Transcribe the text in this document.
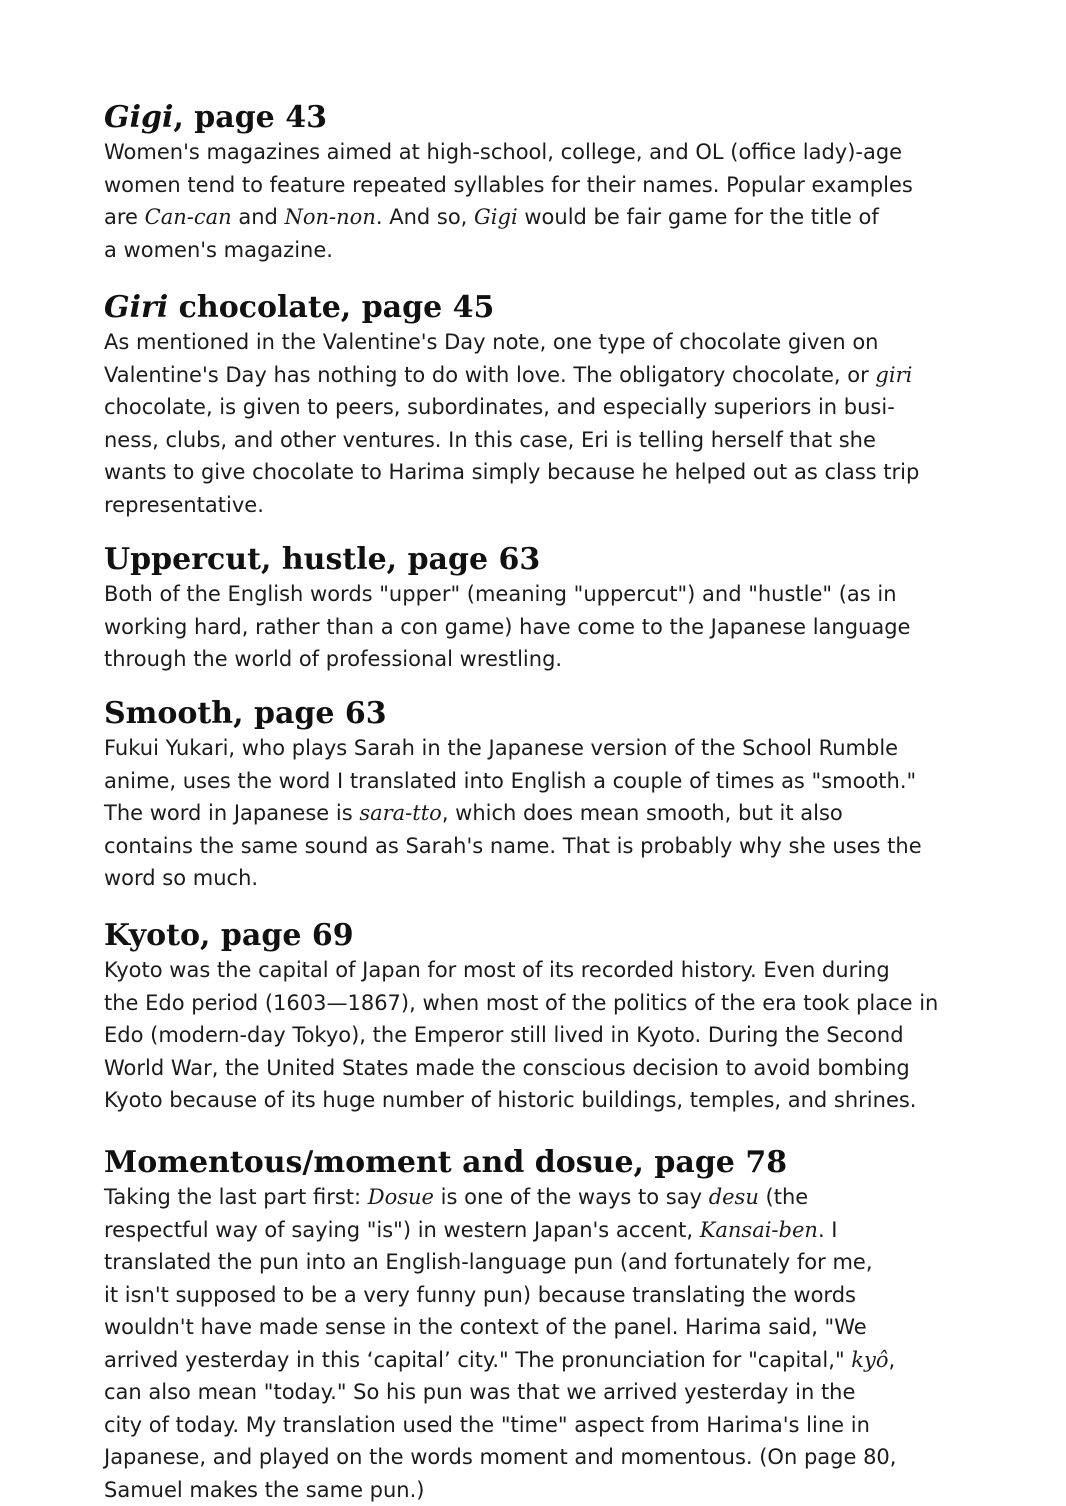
Gigi, page 43
Women's magazines aimed at high-school, college, and OL (office lady)-age
women tend to feature repeated syllables for their names. Popular examples
are Can-can and Non-non. And so, Gigi would be fair game for the title of
a women's magazine.
Giri chocolate, page 45
As mentioned in the Valentine's Day note, one type of chocolate given on
Valentine's Day has nothing to do with love. The obligatory chocolate, or giri
chocolate, is given to peers, subordinates, and especially superiors in busi-
ness, clubs, and other ventures. In this case, Eri is telling herself that she
wants to give chocolate to Harima simply because he helped out as class trip
representative.
Uppercut, hustle, page 63
Both of the English words "upper" (meaning "uppercut") and "hustle" (as in
working hard, rather than a con game) have come to the Japanese language
through the world of professional wrestling.
Smooth, page 63
Fukui Yukari, who plays Sarah in the Japanese version of the School Rumble
anime, uses the word I translated into English a couple of times as "smooth."
The word in Japanese is sara-tto, which does mean smooth, but it also
contains the same sound as Sarah's name. That is probably why she uses the
word so much.
Kyoto, page 69
Kyoto was the capital of Japan for most of its recorded history. Even during
the Edo period (1603—1867), when most of the politics of the era took place in
Edo (modern-day Tokyo), the Emperor still lived in Kyoto. During the Second
World War, the United States made the conscious decision to avoid bombing
Kyoto because of its huge number of historic buildings, temples, and shrines.
Momentous/moment and dosue, page 78
Taking the last part first: Dosue is one of the ways to say desu (the
respectful way of saying "is") in western Japan's accent, Kansai-ben. I
translated the pun into an English-language pun (and fortunately for me,
it isn't supposed to be a very funny pun) because translating the words
wouldn't have made sense in the context of the panel. Harima said, "We
arrived yesterday in this ‘capital’ city." The pronunciation for "capital," kyô,
can also mean "today." So his pun was that we arrived yesterday in the
city of today. My translation used the "time" aspect from Harima's line in
Japanese, and played on the words moment and momentous. (On page 80,
Samuel makes the same pun.)
